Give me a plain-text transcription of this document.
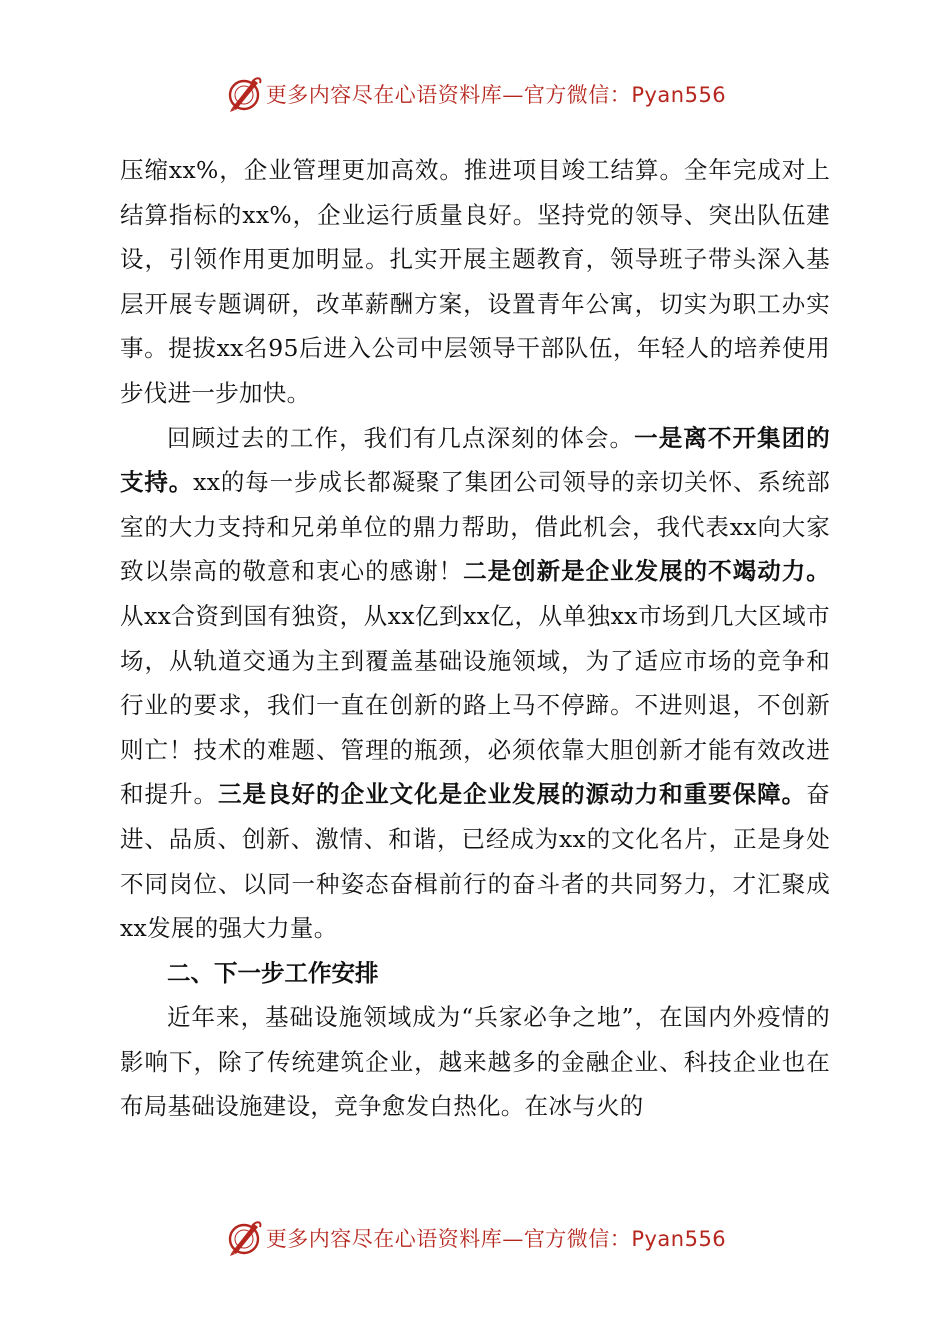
更多内容尽在心语资料库—官方微信：Pyan556

压缩xx%，企业管理更加高效。推进项目竣工结算。全年完成对上结算指标的xx%，企业运行质量良好。坚持党的领导、突出队伍建设，引领作用更加明显。扎实开展主题教育，领导班子带头深入基层开展专题调研，改革薪酬方案，设置青年公寓，切实为职工办实事。提拔xx名95后进入公司中层领导干部队伍，年轻人的培养使用步伐进一步加快。

回顾过去的工作，我们有几点深刻的体会。一是离不开集团的支持。xx的每一步成长都凝聚了集团公司领导的亲切关怀、系统部室的大力支持和兄弟单位的鼎力帮助，借此机会，我代表xx向大家致以崇高的敬意和衷心的感谢！二是创新是企业发展的不竭动力。从xx合资到国有独资，从xx亿到xx亿，从单独xx市场到几大区域市场，从轨道交通为主到覆盖基础设施领域，为了适应市场的竞争和行业的要求，我们一直在创新的路上马不停蹄。不进则退，不创新则亡！技术的难题、管理的瓶颈，必须依靠大胆创新才能有效改进和提升。三是良好的企业文化是企业发展的源动力和重要保障。奋进、品质、创新、激情、和谐，已经成为xx的文化名片，正是身处不同岗位、以同一种姿态奋楫前行的奋斗者的共同努力，才汇聚成xx发展的强大力量。

二、下一步工作安排

近年来，基础设施领域成为“兵家必争之地”，在国内外疫情的影响下，除了传统建筑企业，越来越多的金融企业、科技企业也在布局基础设施建设，竞争愈发白热化。在冰与火的

更多内容尽在心语资料库—官方微信：Pyan556
